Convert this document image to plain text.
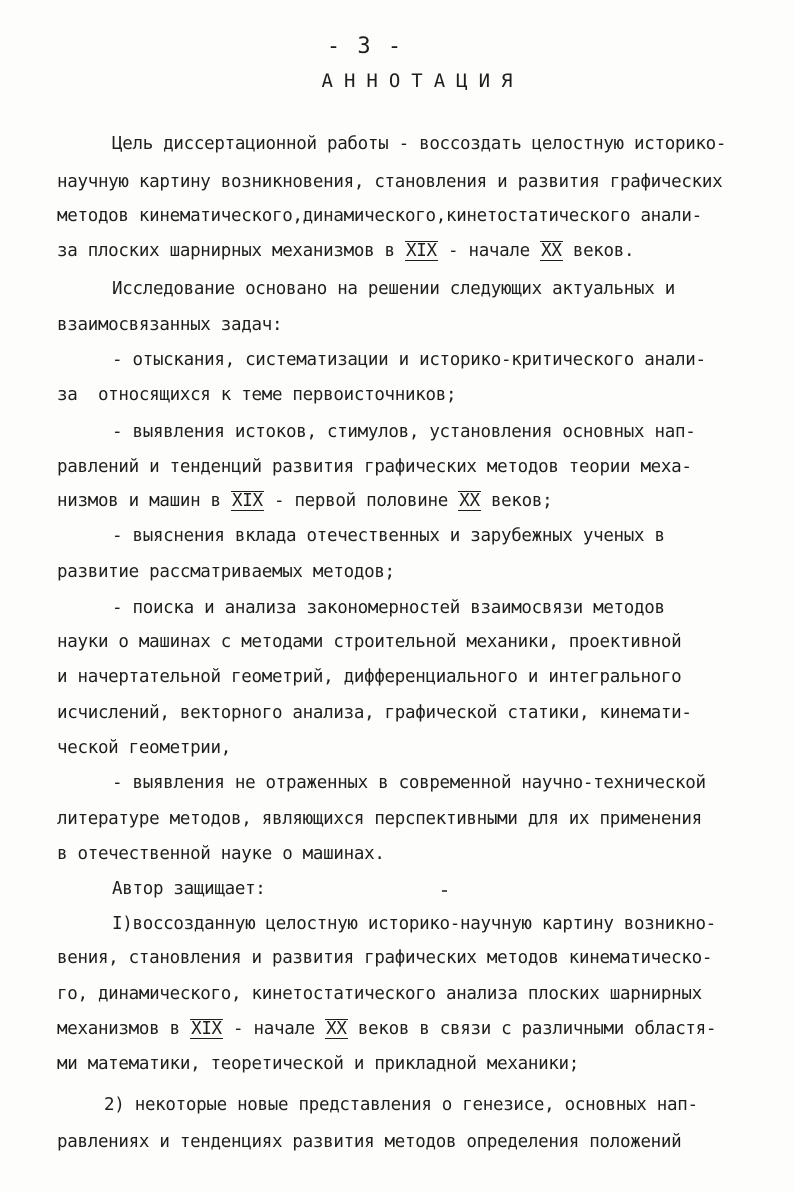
- 3 -
АННОТАЦИЯ
Цель диссертационной работы - воссоздать целостную историко-
научную картину возникновения, становления и развития графических
методов кинематического,динамического,кинетостатического анали-
за плоских шарнирных механизмов в XIX - начале XX веков.
Исследование основано на решении следующих актуальных и
взаимосвязанных задач:
- отыскания, систематизации и историко-критического анали-
за  относящихся к теме первоисточников;
- выявления истоков, стимулов, установления основных нап-
равлений и тенденций развития графических методов теории меха-
низмов и машин в XIX - первой половине XX веков;
- выяснения вклада отечественных и зарубежных ученых в
развитие рассматриваемых методов;
- поиска и анализа закономерностей взаимосвязи методов
науки о машинах с методами строительной механики, проективной
и начертательной геометрий, дифференциального и интегрального
исчислений, векторного анализа, графической статики, кинемати-
ческой геометрии,
- выявления не отраженных в современной научно-технической
литературе методов, являющихся перспективными для их применения
в отечественной науке о машинах.
Автор защищает:
I)воссозданную целостную историко-научную картину возникно-
вения, становления и развития графических методов кинематическо-
го, динамического, кинетостатического анализа плоских шарнирных
механизмов в XIX - начале XX веков в связи с различными областя-
ми математики, теоретической и прикладной механики;
2) некоторые новые представления о генезисе, основных нап-
равлениях и тенденциях развития методов определения положений
